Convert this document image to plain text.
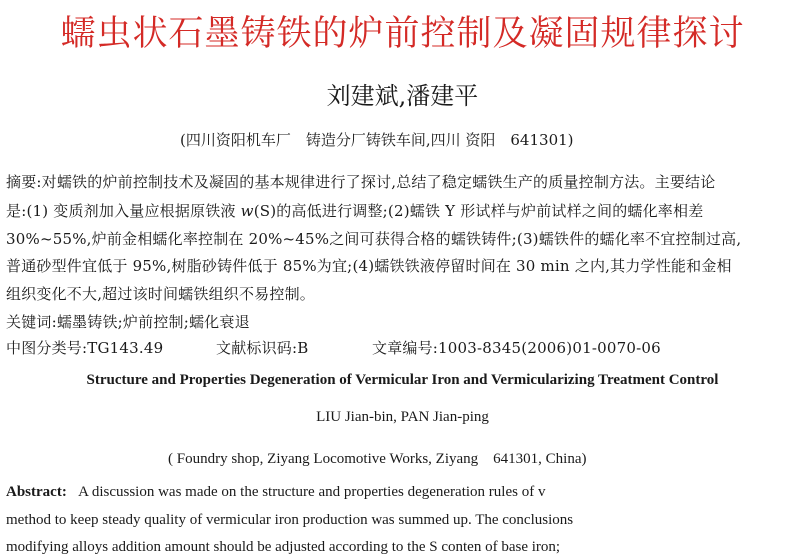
蠕虫状石墨铸铁的炉前控制及凝固规律探讨
刘建斌,潘建平
(四川资阳机车厂　铸造分厂铸铁车间,四川 资阳　641301)
摘要:对蠕铁的炉前控制技术及凝固的基本规律进行了探讨,总结了稳定蠕铁生产的质量控制方法。主要结论
是:(1) 变质剂加入量应根据原铁液 w(S)的高低进行调整;(2)蠕铁 Y 形试样与炉前试样之间的蠕化率相差
30%~55%,炉前金相蠕化率控制在 20%~45%之间可获得合格的蠕铁铸件;(3)蠕铁件的蠕化率不宜控制过高,
普通砂型件宜低于 95%,树脂砂铸件低于 85%为宜;(4)蠕铁铁液停留时间在 30 min 之内,其力学性能和金相
组织变化不大,超过该时间蠕铁组织不易控制。
关键词:蠕墨铸铁;炉前控制;蠕化衰退
中图分类号:TG143.49	文献标识码:B	文章编号:1003-8345(2006)01-0070-06
Structure and Properties Degeneration of Vermicular Iron and Vermicularizing Treatment Control
LIU Jian-bin, PAN Jian-ping
( Foundry shop, Ziyang Locomotive Works, Ziyang　641301, China)
Abstract: A discussion was made on the structure and properties degeneration rules of v
method to keep steady quality of vermicular iron production was summed up. The conclusions
modifying alloys addition amount should be adjusted according to the S conten of base iron;
